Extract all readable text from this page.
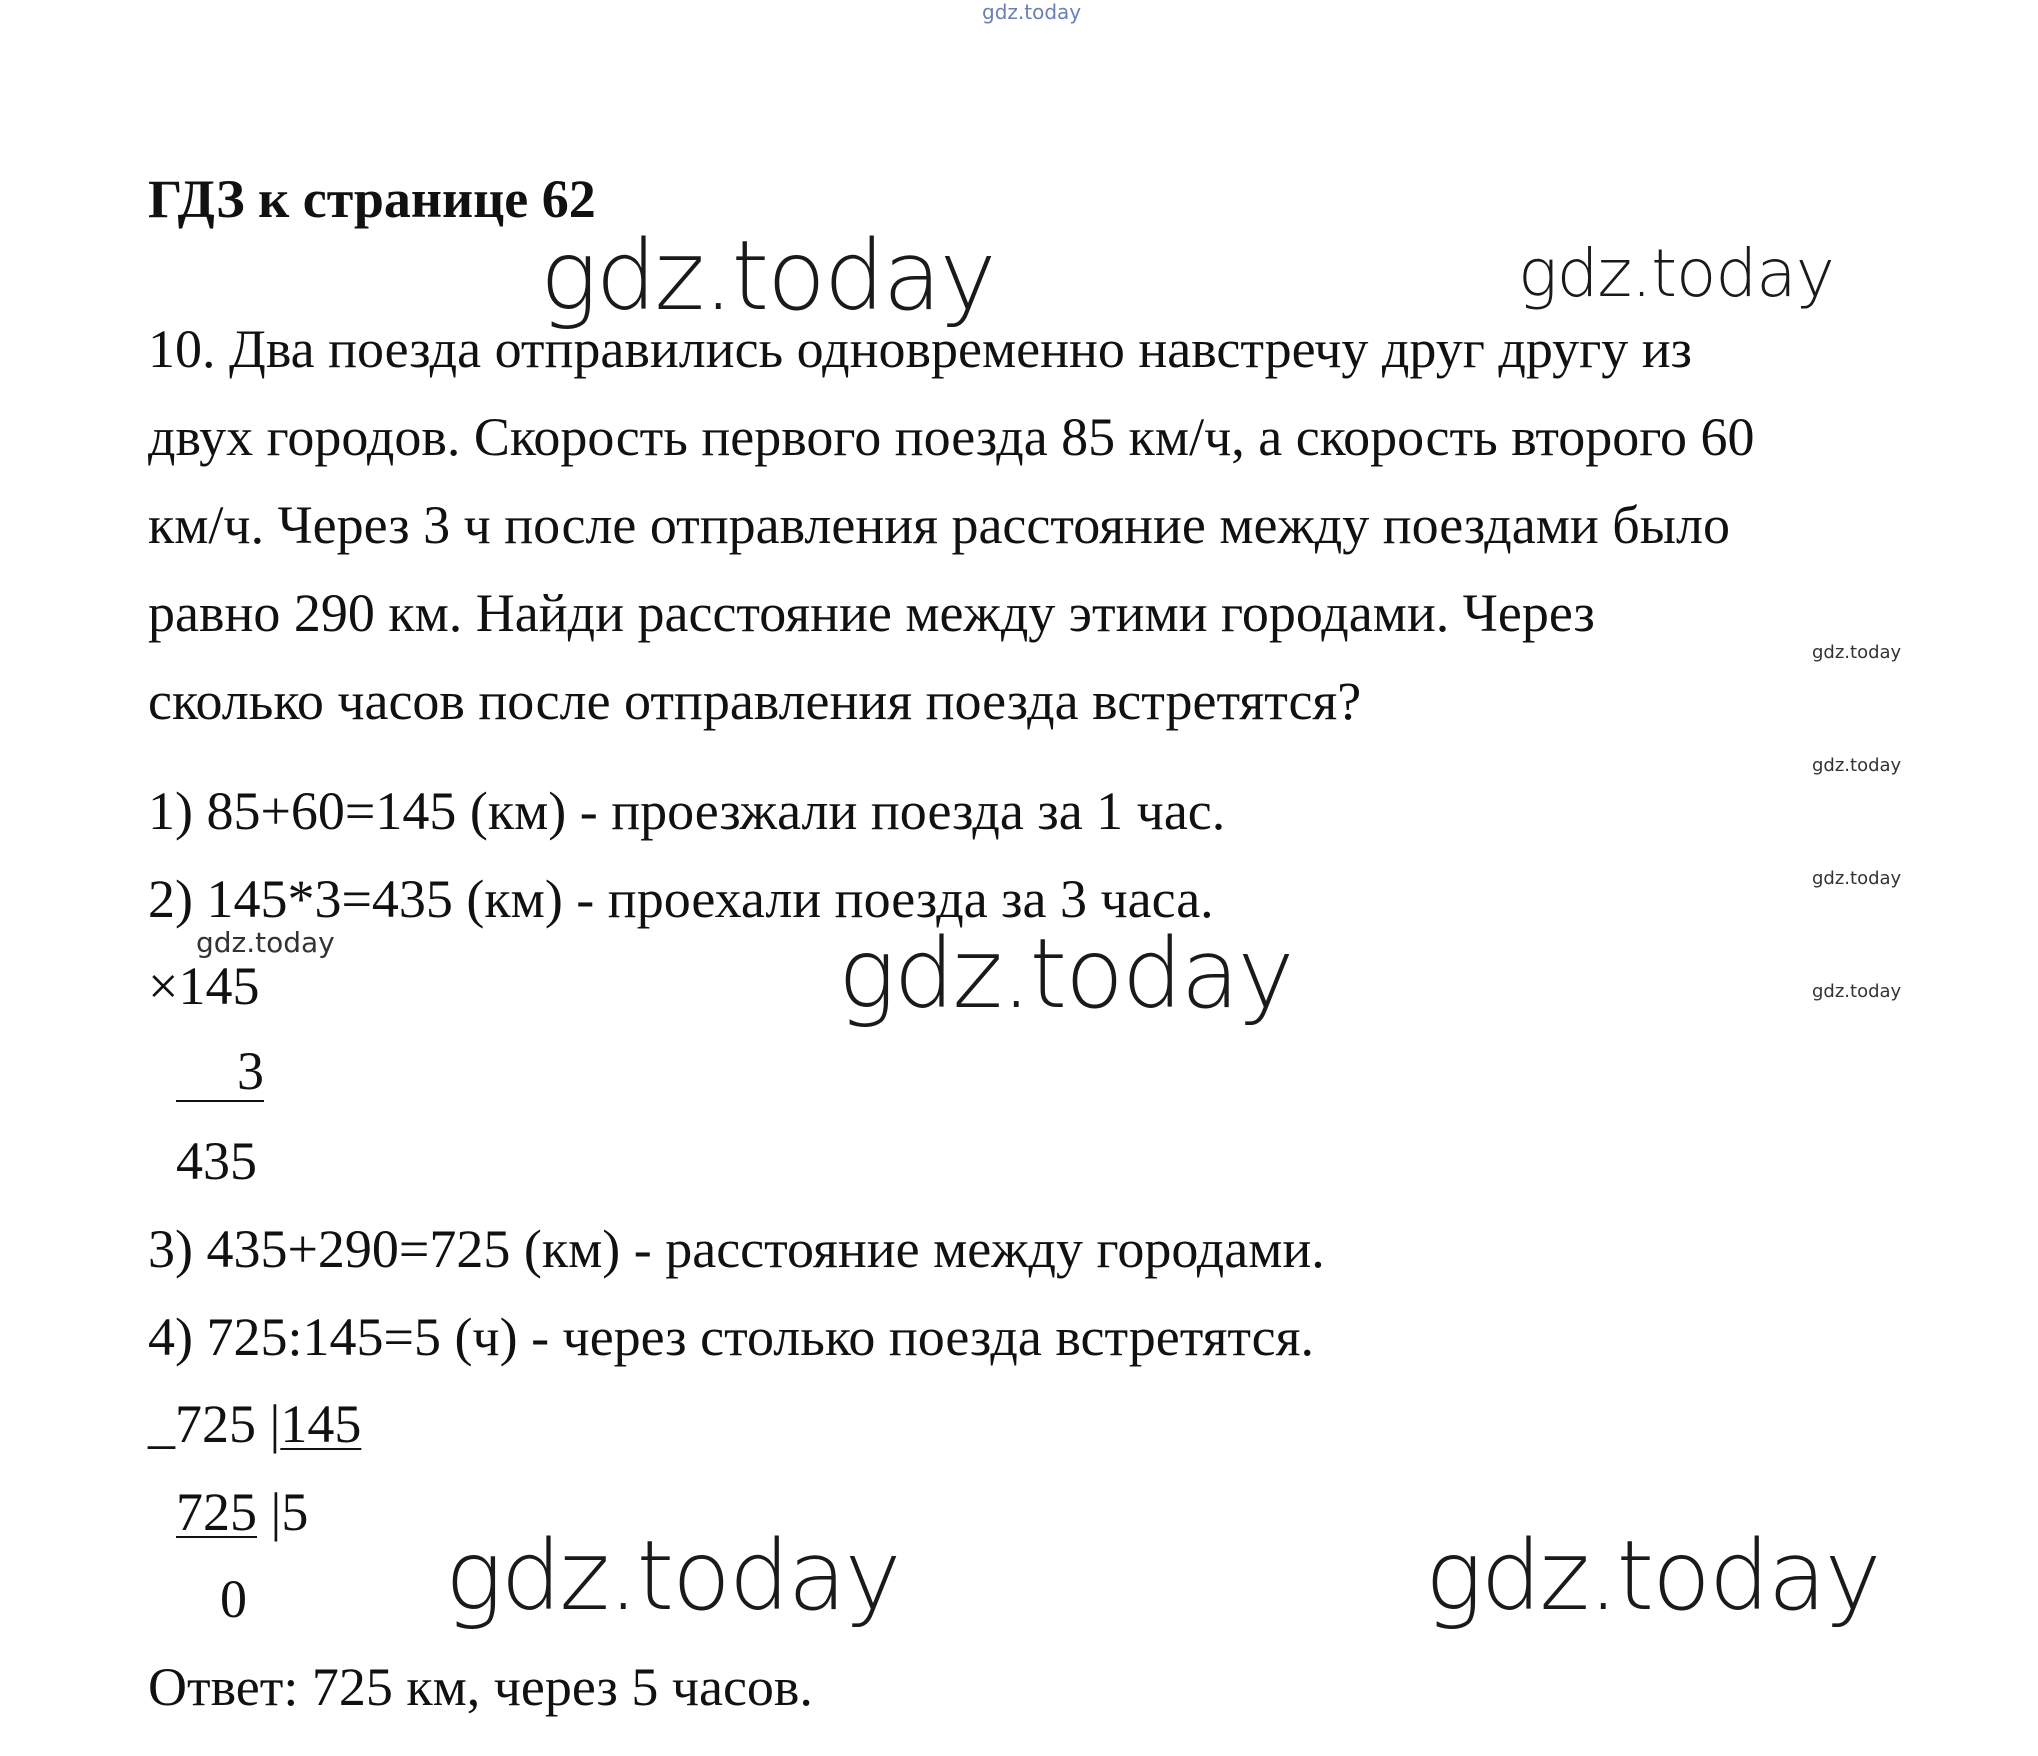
gdz.today
gdz.today	gdz.today
gdz.today
gdz.today
gdz.today
gdz.today
gdz.today	gdz.today
gdz.today	gdz.today
ГДЗ к странице 62
10. Два поезда отправились одновременно навстречу друг другу из
двух городов. Скорость первого поезда 85 км/ч, а скорость второго 60
км/ч. Через 3 ч после отправления расстояние между поездами было
равно 290 км. Найди расстояние между этими городами. Через
сколько часов после отправления поезда встретятся?
1) 85+60=145 (км) - проезжали поезда за 1 час.
2) 145*3=435 (км) - проехали поезда за 3 часа.
×145
3
435
3) 435+290=725 (км) - расстояние между городами.
4) 725:145=5 (ч) - через столько поезда встретятся.
_725 |145
725 |5
0
Ответ: 725 км, через 5 часов.
